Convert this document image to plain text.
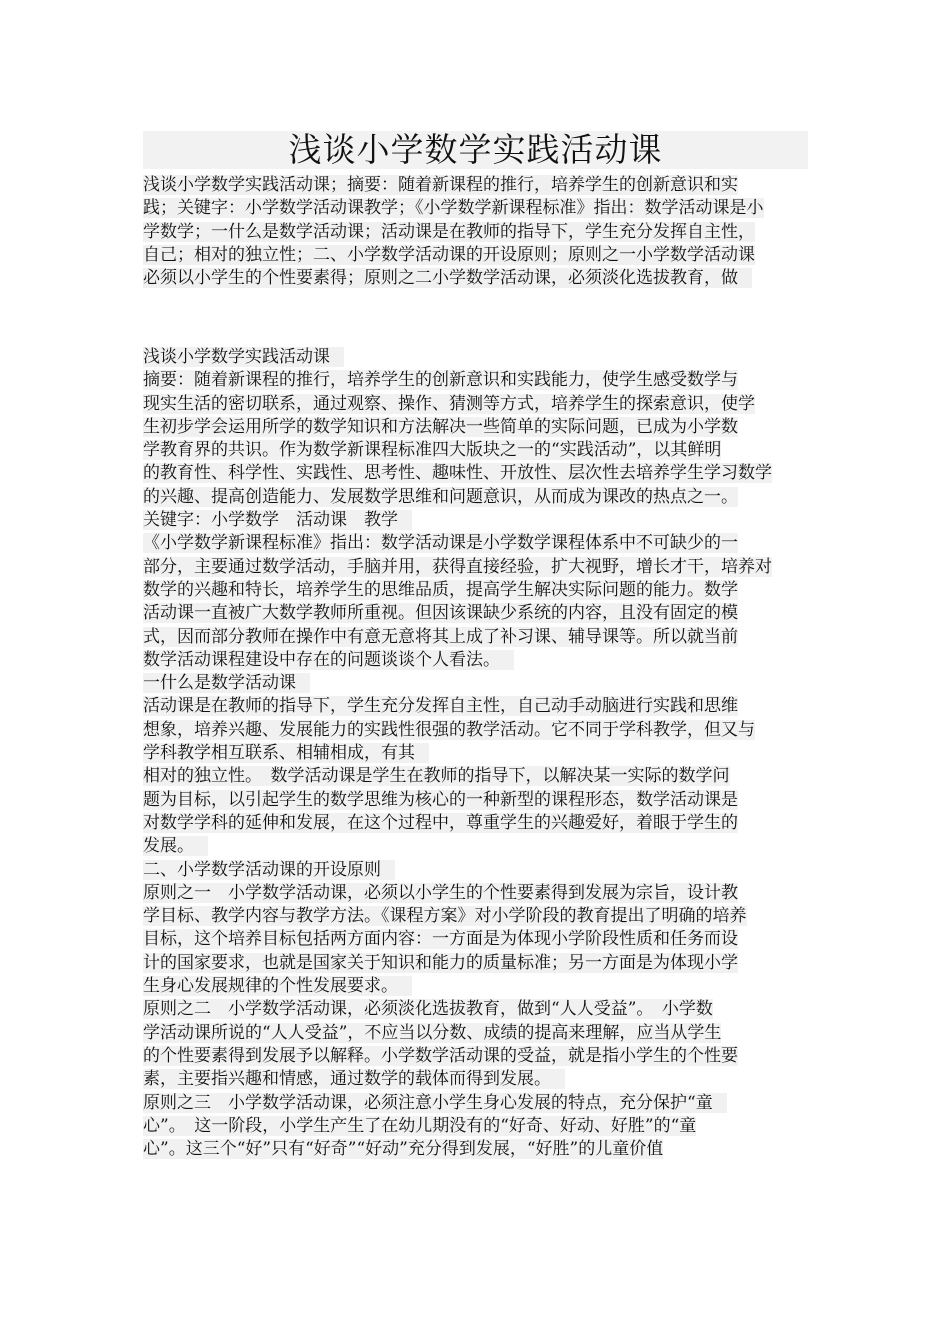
浅谈小学数学实践活动课
浅谈小学数学实践活动课；摘要：随着新课程的推行，培养学生的创新意识和实
践；关键字：小学数学活动课教学；《小学数学新课程标准》指出：数学活动课是小
学数学；一什么是数学活动课；活动课是在教师的指导下，学生充分发挥自主性，
自己；相对的独立性；二、小学数学活动课的开设原则；原则之一小学数学活动课
必须以小学生的个性要素得；原则之二小学数学活动课，必须淡化选拔教育，做
浅谈小学数学实践活动课
摘要：随着新课程的推行，培养学生的创新意识和实践能力，使学生感受数学与
现实生活的密切联系，通过观察、操作、猜测等方式，培养学生的探索意识，使学
生初步学会运用所学的数学知识和方法解决一些简单的实际问题，已成为小学数
学教育界的共识。作为数学新课程标准四大版块之一的“实践活动”，以其鲜明
的教育性、科学性、实践性、思考性、趣味性、开放性、层次性去培养学生学习数学
的兴趣、提高创造能力、发展数学思维和问题意识，从而成为课改的热点之一。
关键字：小学数学　活动课　教学
《小学数学新课程标准》指出：数学活动课是小学数学课程体系中不可缺少的一
部分，主要通过数学活动，手脑并用，获得直接经验，扩大视野，增长才干，培养对
数学的兴趣和特长，培养学生的思维品质，提高学生解决实际问题的能力。数学
活动课一直被广大数学教师所重视。但因该课缺少系统的内容，且没有固定的模
式，因而部分教师在操作中有意无意将其上成了补习课、辅导课等。所以就当前
数学活动课程建设中存在的问题谈谈个人看法。
一什么是数学活动课
活动课是在教师的指导下，学生充分发挥自主性，自己动手动脑进行实践和思维
想象，培养兴趣、发展能力的实践性很强的教学活动。它不同于学科教学，但又与
学科教学相互联系、相辅相成，有其
相对的独立性。　数学活动课是学生在教师的指导下，以解决某一实际的数学问
题为目标，以引起学生的数学思维为核心的一种新型的课程形态，数学活动课是
对数学学科的延伸和发展，在这个过程中，尊重学生的兴趣爱好，着眼于学生的
发展。
二、小学数学活动课的开设原则
原则之一　小学数学活动课，必须以小学生的个性要素得到发展为宗旨，设计教
学目标、教学内容与教学方法。《课程方案》对小学阶段的教育提出了明确的培养
目标，这个培养目标包括两方面内容：一方面是为体现小学阶段性质和任务而设
计的国家要求，也就是国家关于知识和能力的质量标准；另一方面是为体现小学
生身心发展规律的个性发展要求。
原则之二　小学数学活动课，必须淡化选拔教育，做到“人人受益”。　小学数
学活动课所说的“人人受益”，不应当以分数、成绩的提高来理解，应当从学生
的个性要素得到发展予以解释。小学数学活动课的受益，就是指小学生的个性要
素，主要指兴趣和情感，通过数学的载体而得到发展。
原则之三　小学数学活动课，必须注意小学生身心发展的特点，充分保护“童
心”。　这一阶段，小学生产生了在幼儿期没有的“好奇、好动、好胜”的“童
心”。这三个“好”只有“好奇”“好动”充分得到发展，“好胜”的儿童价值
